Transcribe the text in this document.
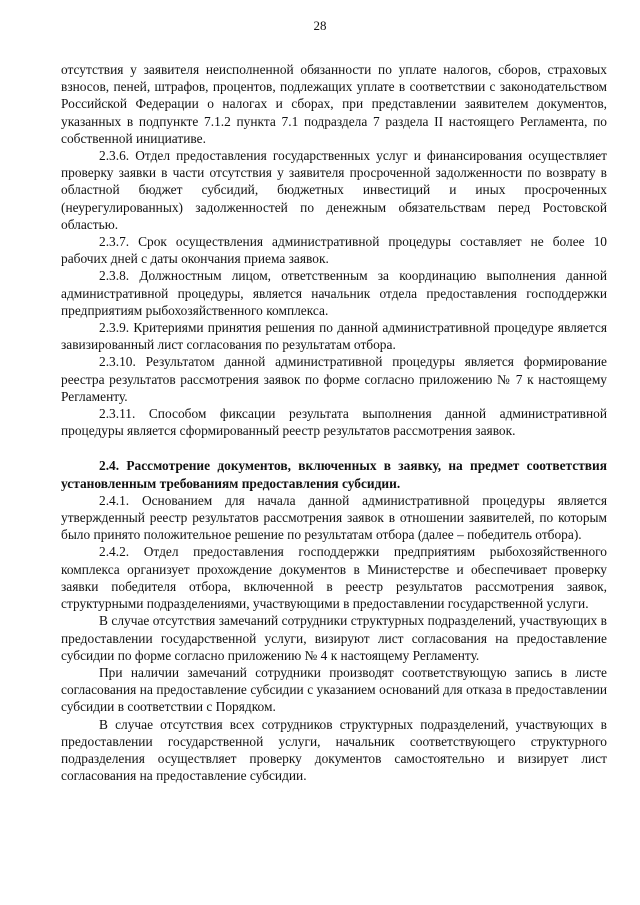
28

отсутствия у заявителя неисполненной обязанности по уплате налогов, сборов, страховых взносов, пеней, штрафов, процентов, подлежащих уплате в соответствии с законодательством Российской Федерации о налогах и сборах, при представлении заявителем документов, указанных в подпункте 7.1.2 пункта 7.1 подраздела 7 раздела II настоящего Регламента, по собственной инициативе.

2.3.6. Отдел предоставления государственных услуг и финансирования осуществляет проверку заявки в части отсутствия у заявителя просроченной задолженности по возврату в областной бюджет субсидий, бюджетных инвестиций и иных просроченных (неурегулированных) задолженностей по денежным обязательствам перед Ростовской областью.

2.3.7. Срок осуществления административной процедуры составляет не более 10 рабочих дней с даты окончания приема заявок.

2.3.8. Должностным лицом, ответственным за координацию выполнения данной административной процедуры, является начальник отдела предоставления господдержки предприятиям рыбохозяйственного комплекса.

2.3.9. Критериями принятия решения по данной административной процедуре является завизированный лист согласования по результатам отбора.

2.3.10. Результатом данной административной процедуры является формирование реестра результатов рассмотрения заявок по форме согласно приложению № 7 к настоящему Регламенту.

2.3.11. Способом фиксации результата выполнения данной административной процедуры является сформированный реестр результатов рассмотрения заявок.

2.4. Рассмотрение документов, включенных в заявку, на предмет соответствия установленным требованиям предоставления субсидии.

2.4.1. Основанием для начала данной административной процедуры является утвержденный реестр результатов рассмотрения заявок в отношении заявителей, по которым было принято положительное решение по результатам отбора (далее – победитель отбора).

2.4.2. Отдел предоставления господдержки предприятиям рыбохозяйственного комплекса организует прохождение документов в Министерстве и обеспечивает проверку заявки победителя отбора, включенной в реестр результатов рассмотрения заявок, структурными подразделениями, участвующими в предоставлении государственной услуги.

В случае отсутствия замечаний сотрудники структурных подразделений, участвующих в предоставлении государственной услуги, визируют лист согласования на предоставление субсидии по форме согласно приложению № 4 к настоящему Регламенту.

При наличии замечаний сотрудники производят соответствующую запись в листе согласования на предоставление субсидии с указанием оснований для отказа в предоставлении субсидии в соответствии с Порядком.

В случае отсутствия всех сотрудников структурных подразделений, участвующих в предоставлении государственной услуги, начальник соответствующего структурного подразделения осуществляет проверку документов самостоятельно и визирует лист согласования на предоставление субсидии.
